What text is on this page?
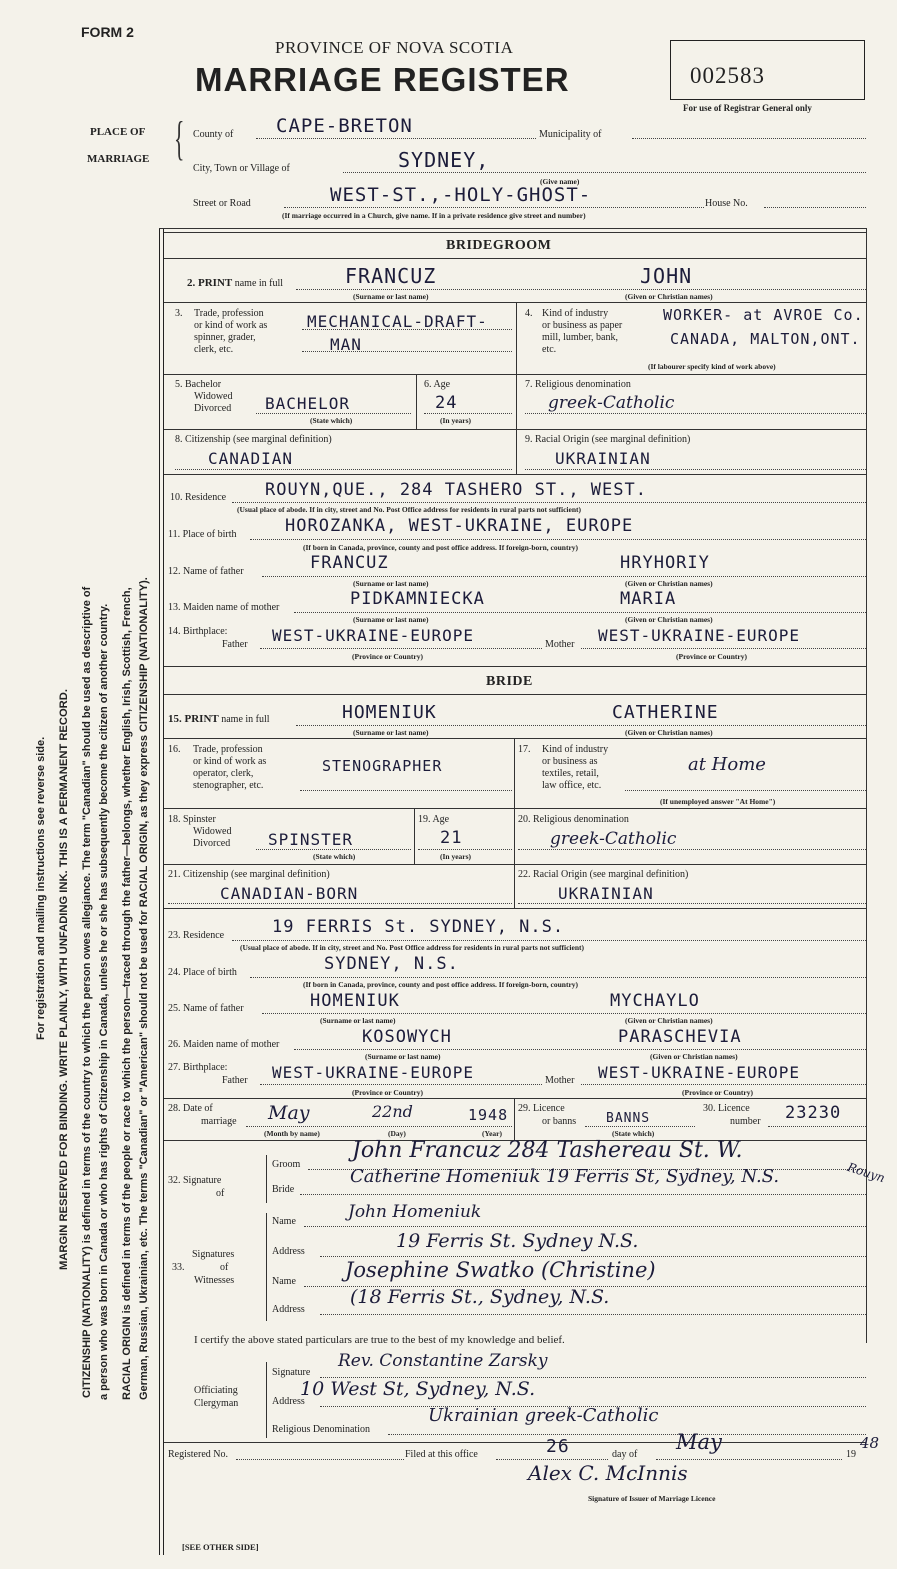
FORM 2
PROVINCE OF NOVA SCOTIA
MARRIAGE REGISTER	002583
For use of Registrar General only
PLACE OF
MARRIAGE { County of CAPE-BRETON	Municipality of
City, Town or Village of	SYDNEY,
(Give name)
Street or Road	WEST-ST.,-HOLY-GHOST-	House No.
(If marriage occurred in a Church, give name. If in a private residence give street and number)
For registration and mailing instructions see reverse side. MARGIN RESERVED FOR BINDING. WRITE PLAINLY, WITH UNFADING INK. THIS IS A PERMANENT RECORD. CITIZENSHIP (NATIONALITY) is defined in terms of the country to which the person owes allegiance. The term "Canadian" should be used as descriptive of a person who was born in Canada or who has rights of Citizenship in Canada, unless he or she has subsequently become the citizen of another country. RACIAL ORIGIN is defined in terms of the people or race to which the person—traced through the father—belongs, whether English, Irish, Scottish, French, German, Russian, Ukrainian, etc. The terms "Canadian" or "American" should not be used for RACIAL ORIGIN, as they express CITIZENSHIP (NATIONALITY).
BRIDEGROOM
2. PRINT name in full	FRANCUZ	JOHN
(Surname or last name)	(Given or Christian names)
3. Trade, profession
or kind of work as
spinner, grader,
clerk, etc.
MECHANICAL-DRAFT-
MAN
4. Kind of industry
or business as paper
mill, lumber, bank,
etc.
WORKER- at AVROE Co.
CANADA, MALTON,ONT.
(If labourer specify kind of work above)
5. Bachelor
Widowed
Divorced BACHELOR
(State which)
6. Age
24
(In years)
7. Religious denomination
greek-Catholic
8. Citizenship (see marginal definition)
CANADIAN
9. Racial Origin (see marginal definition)
UKRAINIAN
10. Residence ROUYN,QUE., 284 TASHERO ST., WEST.
(Usual place of abode. If in city, street and No. Post Office address for residents in rural parts not sufficient)
11. Place of birth	HOROZANKA, WEST-UKRAINE, EUROPE
(If born in Canada, province, county and post office address. If foreign-born, country)
12. Name of father	FRANCUZ	HRYHORIY
(Surname or last name)	(Given or Christian names)
13. Maiden name of mother	PIDKAMNIECKA	MARIA
(Surname or last name)	(Given or Christian names)
14. Birthplace:
Father WEST-UKRAINE-EUROPE	Mother WEST-UKRAINE-EUROPE
(Province or Country)	(Province or Country)
BRIDE
15. PRINT name in full	HOMENIUK	CATHERINE
(Surname or last name)	(Given or Christian names)
16. Trade, profession
or kind of work as
operator, clerk,
stenographer, etc.
STENOGRAPHER
17. Kind of industry
or business as
textiles, retail,
law office, etc.
at Home
(If unemployed answer "At Home")
18. Spinster
Widowed
Divorced SPINSTER
(State which)
19. Age
21
(In years)
20. Religious denomination
greek-Catholic
21. Citizenship (see marginal definition)
CANADIAN-BORN
22. Racial Origin (see marginal definition)
UKRAINIAN
23. Residence	19 FERRIS St. SYDNEY, N.S.
(Usual place of abode. If in city, street and No. Post Office address for residents in rural parts not sufficient)
24. Place of birth	SYDNEY, N.S.
(If born in Canada, province, county and post office address. If foreign-born, country)
25. Name of father	HOMENIUK	MYCHAYLO
(Surname or last name)	(Given or Christian names)
26. Maiden name of mother	KOSOWYCH	PARASCHEVIA
(Surname or last name)	(Given or Christian names)
27. Birthplace:
Father WEST-UKRAINE-EUROPE	Mother WEST-UKRAINE-EUROPE
(Province or Country)	(Province or Country)
28. Date of
marriage May	22nd	1948
(Month by name)	(Day)	(Year)
29. Licence
or banns BANNS
(State which)
30. Licence
number 23230
32. Signature
of
Groom
John Francuz 284 Tashereau St. W.
Rouyn
Bride
Catherine Homeniuk 19 Ferris St, Sydney, N.S.
33.
Signatures
of
Witnesses
Name	John Homeniuk
Address	19 Ferris St. Sydney N.S.
Name Josephine Swatko (Christine)
Address
(18 Ferris St., Sydney, N.S.
I certify the above stated particulars are true to the best of my knowledge and belief.
Officiating
Clergyman
Signature
Rev. Constantine Zarsky
Address
10 West St, Sydney, N.S.
Religious Denomination
Ukrainian greek-Catholic
Registered No.	Filed at this office	26	day of
May
19
48
Alex C. McInnis
Signature of Issuer of Marriage Licence
[SEE OTHER SIDE]
